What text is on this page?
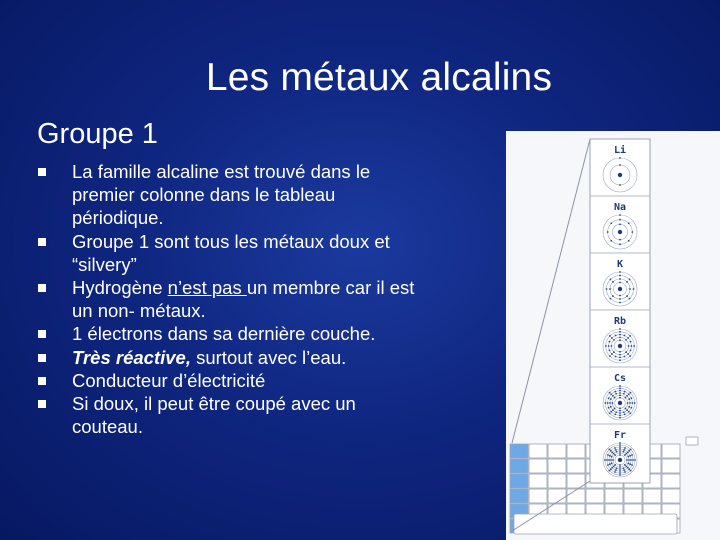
Les métaux alcalins
Groupe 1
La famille alcaline est trouvé dans le premier colonne dans le tableau périodique.
Groupe 1 sont tous les métaux doux et “silvery”
Hydrogène n’est pas un membre car il est un non- métaux.
1 électrons dans sa dernière couche.
Très réactive, surtout avec l’eau.
Conducteur d’électricité
Si doux, il peut être coupé avec un couteau.
Li
Na
K
Rb
Cs
Fr
